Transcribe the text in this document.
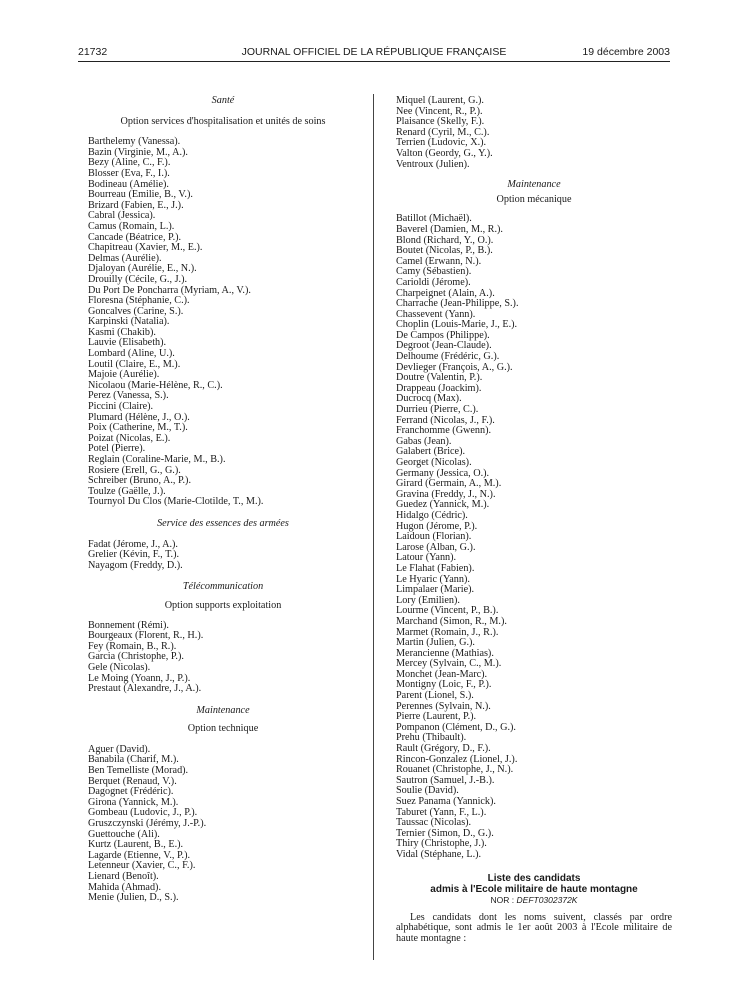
21732	JOURNAL OFFICIEL DE LA RÉPUBLIQUE FRANÇAISE	19 décembre 2003
Santé
Option services d'hospitalisation et unités de soins
Barthelemy (Vanessa).
Bazin (Virginie, M., A.).
Bezy (Aline, C., F.).
Blosser (Eva, F., I.).
Bodineau (Amélie).
Bourreau (Emilie, B., V.).
Brizard (Fabien, E., J.).
Cabral (Jessica).
Camus (Romain, L.).
Cancade (Béatrice, P.).
Chapitreau (Xavier, M., E.).
Delmas (Aurélie).
Djaloyan (Aurélie, E., N.).
Drouilly (Cécile, G., J.).
Du Port De Poncharra (Myriam, A., V.).
Floresna (Stéphanie, C.).
Goncalves (Carine, S.).
Karpinski (Natalia).
Kasmi (Chakib).
Lauvie (Elisabeth).
Lombard (Aline, U.).
Loutil (Claire, E., M.).
Majoie (Aurélie).
Nicolaou (Marie-Hélène, R., C.).
Perez (Vanessa, S.).
Piccini (Claire).
Plumard (Hélène, J., O.).
Poix (Catherine, M., T.).
Poizat (Nicolas, E.).
Potel (Pierre).
Reglain (Coraline-Marie, M., B.).
Rosiere (Erell, G., G.).
Schreiber (Bruno, A., P.).
Toulze (Gaëlle, J.).
Tournyol Du Clos (Marie-Clotilde, T., M.).
Service des essences des armées
Fadat (Jérome, J., A.).
Grelier (Kévin, F., T.).
Nayagom (Freddy, D.).
Télécommunication
Option supports exploitation
Bonnement (Rémi).
Bourgeaux (Florent, R., H.).
Fey (Romain, B., R.).
Garcia (Christophe, P.).
Gele (Nicolas).
Le Moing (Yoann, J., P.).
Prestaut (Alexandre, J., A.).
Maintenance
Option technique
Aguer (David).
Banabila (Charif, M.).
Ben Temelliste (Morad).
Berquet (Renaud, V.).
Dagognet (Frédéric).
Girona (Yannick, M.).
Gombeau (Ludovic, J., P.).
Gruszczynski (Jérémy, J.-P.).
Guettouche (Ali).
Kurtz (Laurent, B., E.).
Lagarde (Etienne, V., P.).
Letenneur (Xavier, C., F.).
Lienard (Benoît).
Mahida (Ahmad).
Menie (Julien, D., S.).
Miquel (Laurent, G.).
Nee (Vincent, R., P.).
Plaisance (Skelly, F.).
Renard (Cyril, M., C.).
Terrien (Ludovic, X.).
Valton (Geordy, G., Y.).
Ventroux (Julien).
Maintenance
Option mécanique
Batillot (Michaël).
Baverel (Damien, M., R.).
Blond (Richard, Y., O.).
Boutet (Nicolas, P., B.).
Camel (Erwann, N.).
Camy (Sébastien).
Carioldi (Jérome).
Charpeignet (Alain, A.).
Charrache (Jean-Philippe, S.).
Chassevent (Yann).
Choplin (Louis-Marie, J., E.).
De Campos (Philippe).
Degroot (Jean-Claude).
Delhoume (Frédéric, G.).
Devlieger (François, A., G.).
Doutre (Valentin, P.).
Drappeau (Joackim).
Ducrocq (Max).
Durrieu (Pierre, C.).
Ferrand (Nicolas, J., F.).
Franchomme (Gwenn).
Gabas (Jean).
Galabert (Brice).
Georget (Nicolas).
Germany (Jessica, O.).
Girard (Germain, A., M.).
Gravina (Freddy, J., N.).
Guedez (Yannick, M.).
Hidalgo (Cédric).
Hugon (Jérome, P.).
Laidoun (Florian).
Larose (Alban, G.).
Latour (Yann).
Le Flahat (Fabien).
Le Hyaric (Yann).
Limpalaer (Marie).
Lory (Emilien).
Lourme (Vincent, P., B.).
Marchand (Simon, R., M.).
Marmet (Romain, J., R.).
Martin (Julien, G.).
Merancienne (Mathias).
Mercey (Sylvain, C., M.).
Monchet (Jean-Marc).
Montigny (Loic, F., P.).
Parent (Lionel, S.).
Perennes (Sylvain, N.).
Pierre (Laurent, P.).
Pompanon (Clément, D., G.).
Prehu (Thibault).
Rault (Grégory, D., F.).
Rincon-Gonzalez (Lionel, J.).
Rouanet (Christophe, J., N.).
Sautron (Samuel, J.-B.).
Soulie (David).
Suez Panama (Yannick).
Taburet (Yann, F., L.).
Taussac (Nicolas).
Ternier (Simon, D., G.).
Thiry (Christophe, J.).
Vidal (Stéphane, L.).
Liste des candidats
admis à l'Ecole militaire de haute montagne
NOR : DEFT0302372K
Les candidats dont les noms suivent, classés par ordre alphabétique, sont admis le 1er août 2003 à l'Ecole militaire de haute montagne :
